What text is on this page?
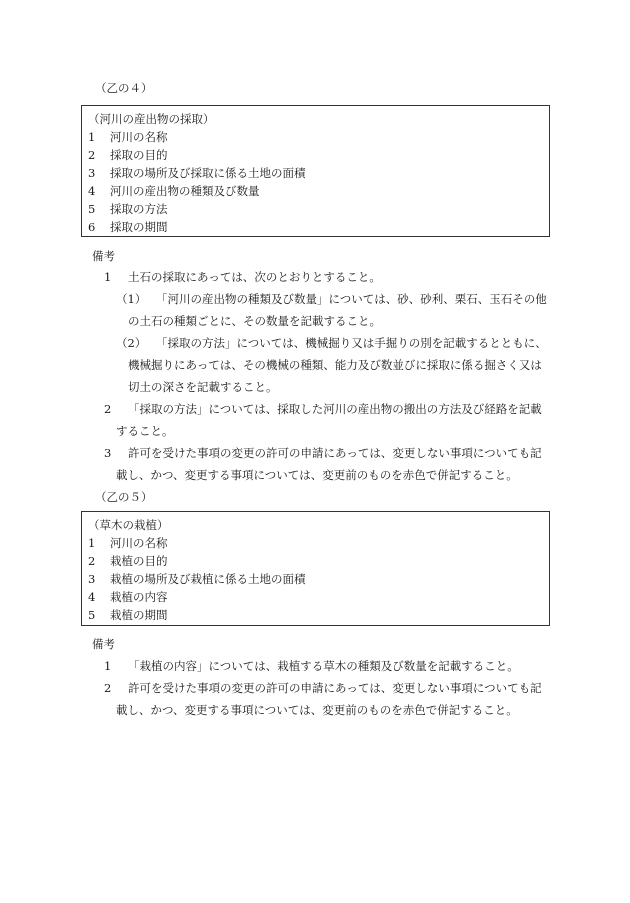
（乙の４）
（河川の産出物の採取）
1	河川の名称
2	採取の目的
3	採取の場所及び採取に係る土地の面積
4	河川の産出物の種類及び数量
5	採取の方法
6	採取の期間
備考
1 土石の採取にあっては、次のとおりとすること。
（1） 「河川の産出物の種類及び数量」については、砂、砂利、栗石、玉石その他
の土石の種類ごとに、その数量を記載すること。
（2） 「採取の方法」については、機械掘り又は手掘りの別を記載するとともに、
機械掘りにあっては、その機械の種類、能力及び数並びに採取に係る掘さく又は
切土の深さを記載すること。
2 「採取の方法」については、採取した河川の産出物の搬出の方法及び経路を記載
すること。
3 許可を受けた事項の変更の許可の申請にあっては、変更しない事項についても記
載し、かつ、変更する事項については、変更前のものを赤色で併記すること。
（乙の５）
（草木の栽植）
1	河川の名称
2	栽植の目的
3	栽植の場所及び栽植に係る土地の面積
4	栽植の内容
5	栽植の期間
備考
1 「栽植の内容」については、栽植する草木の種類及び数量を記載すること。
2 許可を受けた事項の変更の許可の申請にあっては、変更しない事項についても記
載し、かつ、変更する事項については、変更前のものを赤色で併記すること。
